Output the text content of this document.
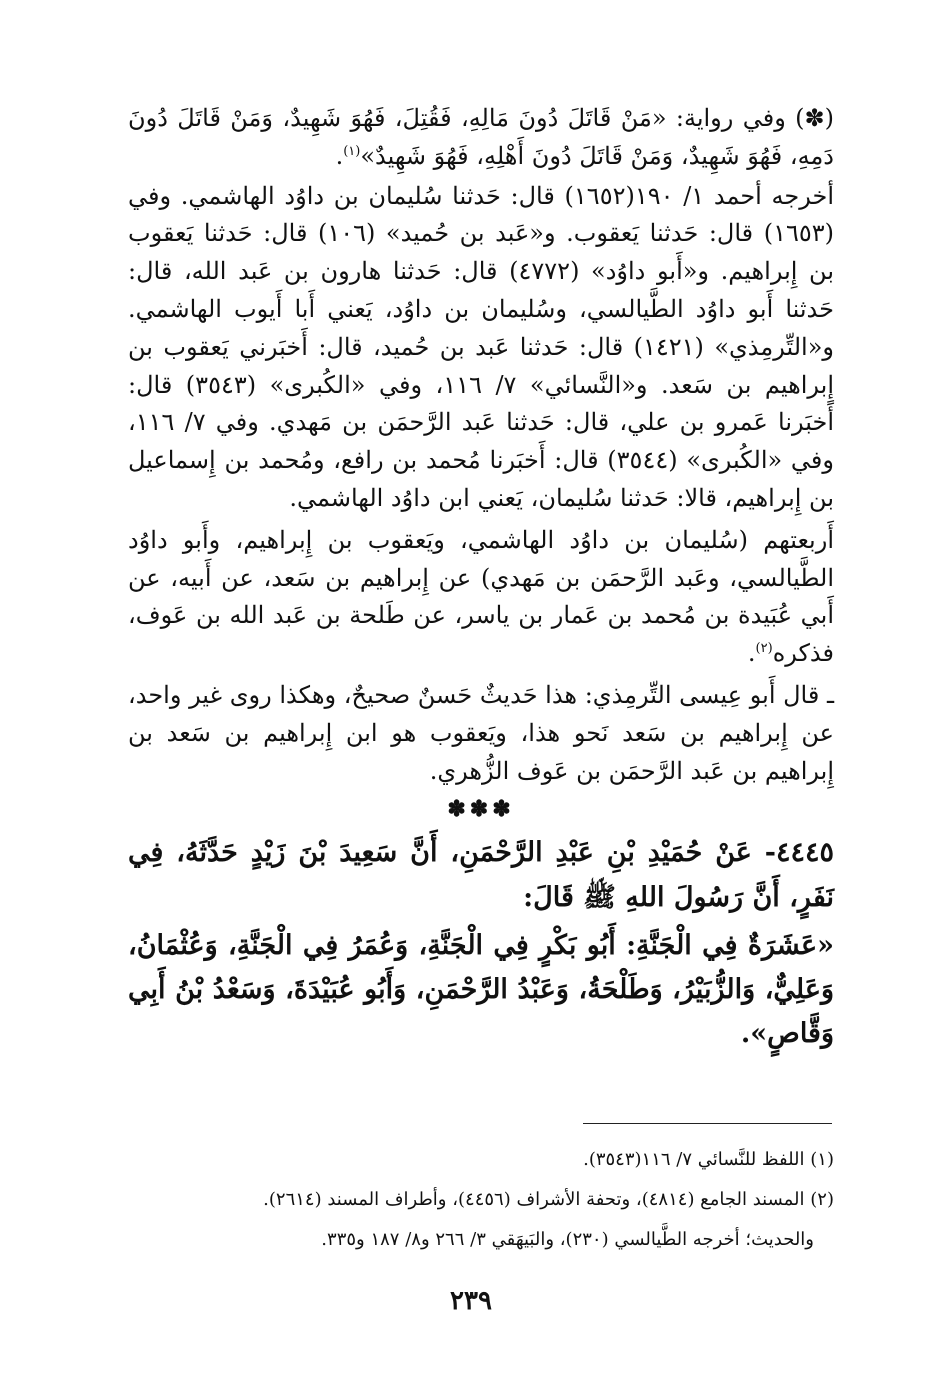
(✽) وفي رواية: «مَنْ قَاتَلَ دُونَ مَالِهِ، فَقُتِلَ، فَهُوَ شَهِيدٌ، وَمَنْ قَاتَلَ دُونَ دَمِهِ، فَهُوَ شَهِيدٌ، وَمَنْ قَاتَلَ دُونَ أَهْلِهِ، فَهُوَ شَهِيدٌ»$^{(١)}$.

أخرجه أحمد ١/ ١٩٠(١٦٥٢) قال: حَدثنا سُليمان بن داوُد الهاشمي. وفي (١٦٥٣) قال: حَدثنا يَعقوب. و«عَبد بن حُميد» (١٠٦) قال: حَدثنا يَعقوب بن إِبراهيم. و«أَبو داوُد» (٤٧٧٢) قال: حَدثنا هارون بن عَبد الله، قال: حَدثنا أَبو داوُد الطَّيالسي، وسُليمان بن داوُد، يَعني أَبا أَيوب الهاشمي. و«التِّرمِذي» (١٤٢١) قال: حَدثنا عَبد بن حُميد، قال: أَخبَرني يَعقوب بن إِبراهيم بن سَعد. و«النَّسائي» ٧/ ١١٦، وفي «الكُبرى» (٣٥٤٣) قال: أَخبَرنا عَمرو بن علي، قال: حَدثنا عَبد الرَّحمَن بن مَهدي. وفي ٧/ ١١٦، وفي «الكُبرى» (٣٥٤٤) قال: أَخبَرنا مُحمد بن رافع، ومُحمد بن إِسماعيل بن إِبراهيم، قالا: حَدثنا سُليمان، يَعني ابن داوُد الهاشمي.

أَربعتهم (سُليمان بن داوُد الهاشمي، ويَعقوب بن إِبراهيم، وأَبو داوُد الطَّيالسي، وعَبد الرَّحمَن بن مَهدي) عن إِبراهيم بن سَعد، عن أَبيه، عن أَبي عُبَيدة بن مُحمد بن عَمار بن ياسر، عن طَلحة بن عَبد الله بن عَوف، فذكره$^{(٢)}$.

ـ قال أَبو عِيسى التِّرمِذي: هذا حَديثٌ حَسنٌ صحيحٌ، وهكذا روى غير واحد، عن إِبراهيم بن سَعد نَحو هذا، ويَعقوب هو ابن إِبراهيم بن سَعد بن إِبراهيم بن عَبد الرَّحمَن بن عَوف الزُّهري.

✽✽✽

٤٤٤٥- عَنْ حُمَيْدِ بْنِ عَبْدِ الرَّحْمَنِ، أَنَّ سَعِيدَ بْنَ زَيْدٍ حَدَّثَهُ، فِي نَفَرٍ، أَنَّ رَسُولَ اللهِ ﷺ قَالَ:

«عَشَرَةٌ فِي الْجَنَّةِ: أَبُو بَكْرٍ فِي الْجَنَّةِ، وَعُمَرُ فِي الْجَنَّةِ، وَعُثْمَانُ، وَعَلِيٌّ، وَالزُّبَيْرُ، وَطَلْحَةُ، وَعَبْدُ الرَّحْمَنِ، وَأَبُو عُبَيْدَةَ، وَسَعْدُ بْنُ أَبِي وَقَّاصٍ».

(١) اللفظ للنَّسائي ٧/ ١١٦(٣٥٤٣).

(٢) المسند الجامع (٤٨١٤)، وتحفة الأشراف (٤٤٥٦)، وأطراف المسند (٢٦١٤).

والحديث؛ أخرجه الطَّيالسي (٢٣٠)، والبَيهَقي ٣/ ٢٦٦ و٨/ ١٨٧ و٣٣٥.

٢٣٩
